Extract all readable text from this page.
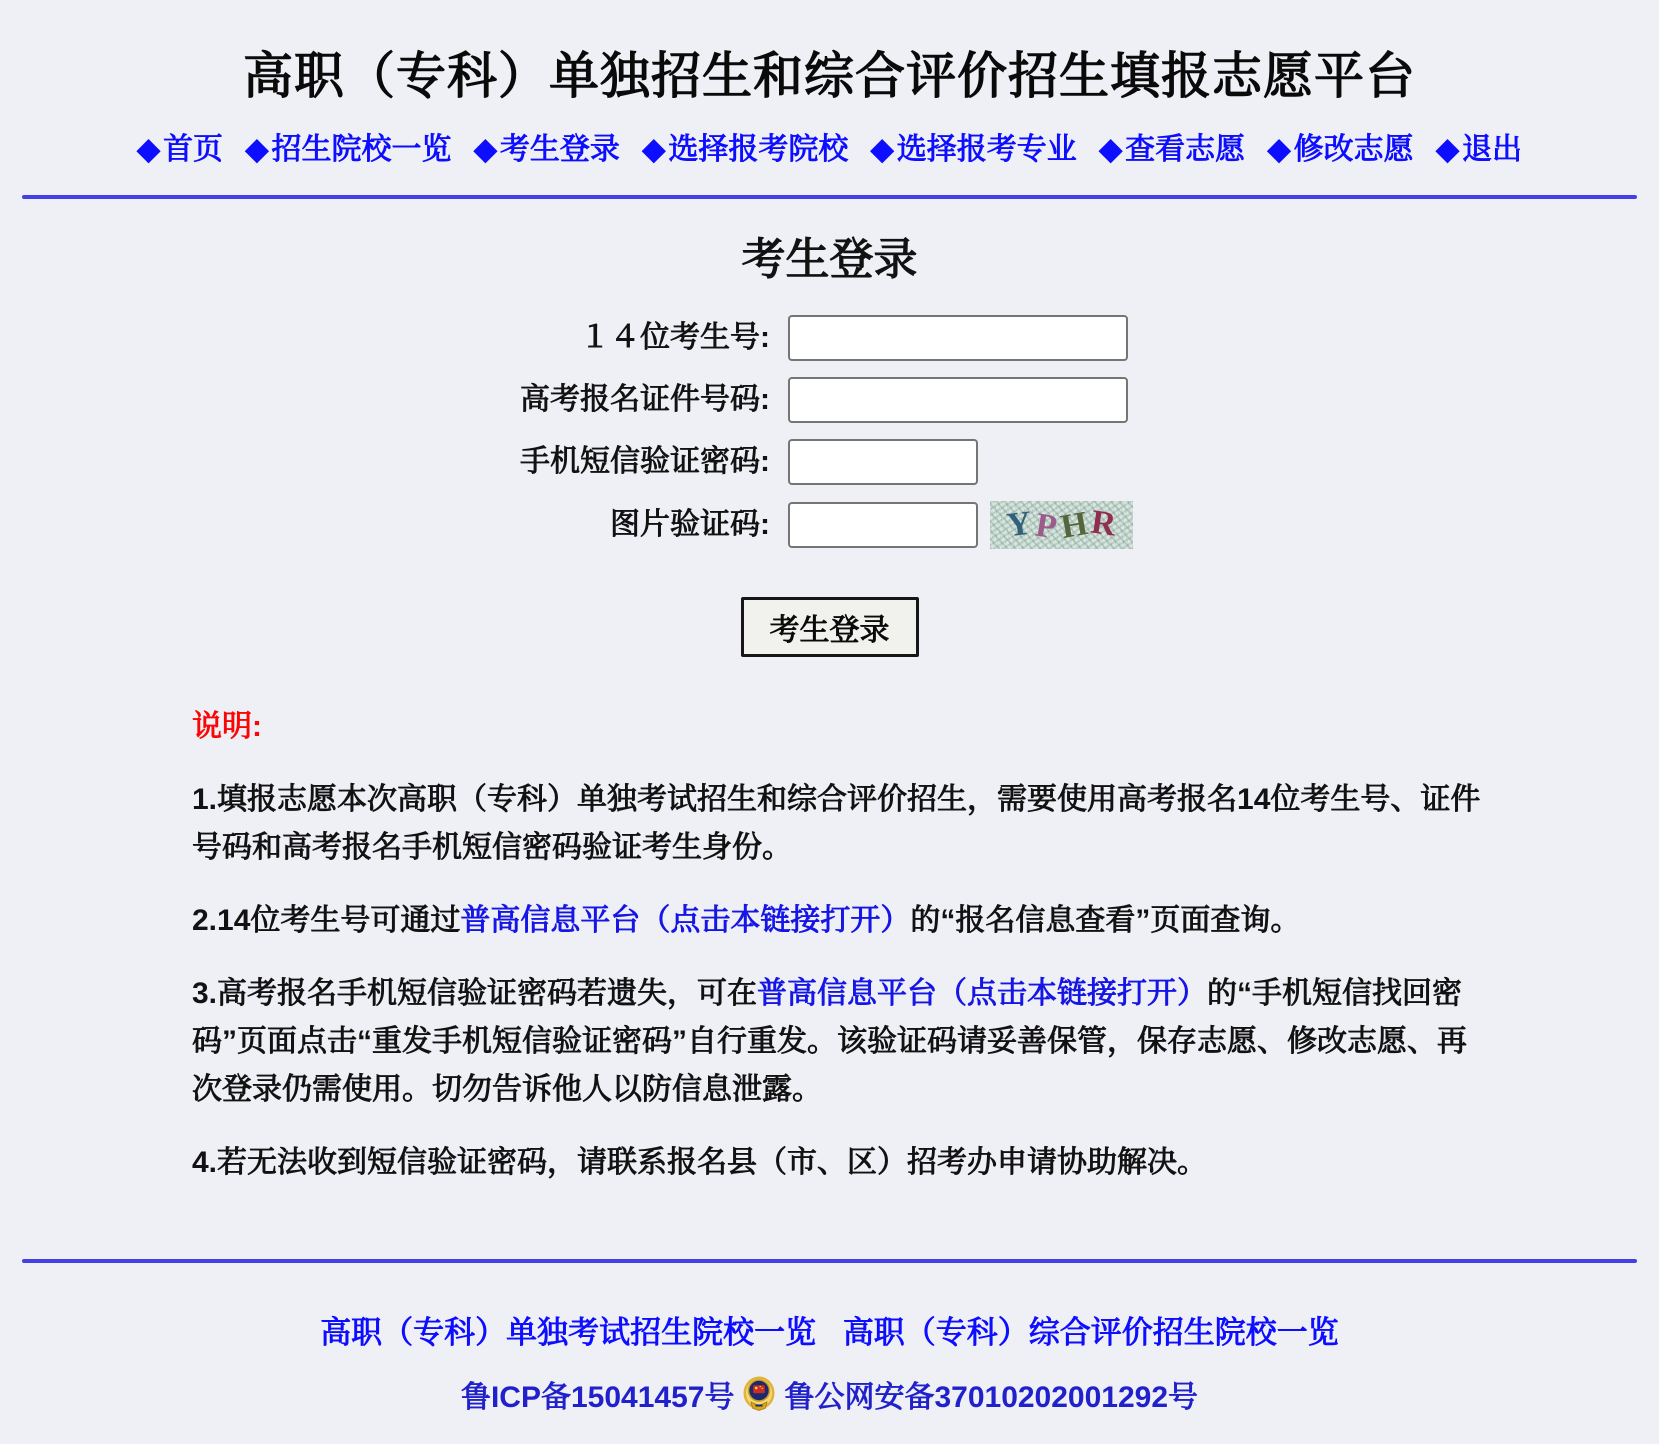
高职（专科）单独招生和综合评价招生填报志愿平台
◆ 首页 ◆ 招生院校一览 ◆ 考生登录 ◆ 选择报考院校 ◆ 选择报考专业 ◆ 查看志愿 ◆ 修改志愿 ◆ 退出
考生登录
１４位考生号:
高考报名证件号码:
手机短信验证密码:
图片验证码:	Y
P
H
R
考生登录
说明:

1.填报志愿本次高职（专科）单独考试招生和综合评价招生，需要使用高考报名14位考生号、证件号码和高考报名手机短信密码验证考生身份。

2.14位考生号可通过普高信息平台（点击本链接打开）的“报名信息查看”页面查询。

3.高考报名手机短信验证密码若遗失，可在普高信息平台（点击本链接打开）的“手机短信找回密码”页面点击“重发手机短信验证密码”自行重发。该验证码请妥善保管，保存志愿、修改志愿、再次登录仍需使用。切勿告诉他人以防信息泄露。

4.若无法收到短信验证密码，请联系报名县（市、区）招考办申请协助解决。

高职（专科）单独考试招生院校一览 高职（专科）综合评价招生院校一览
鲁ICP备15041457号 鲁公网安备37010202001292号
